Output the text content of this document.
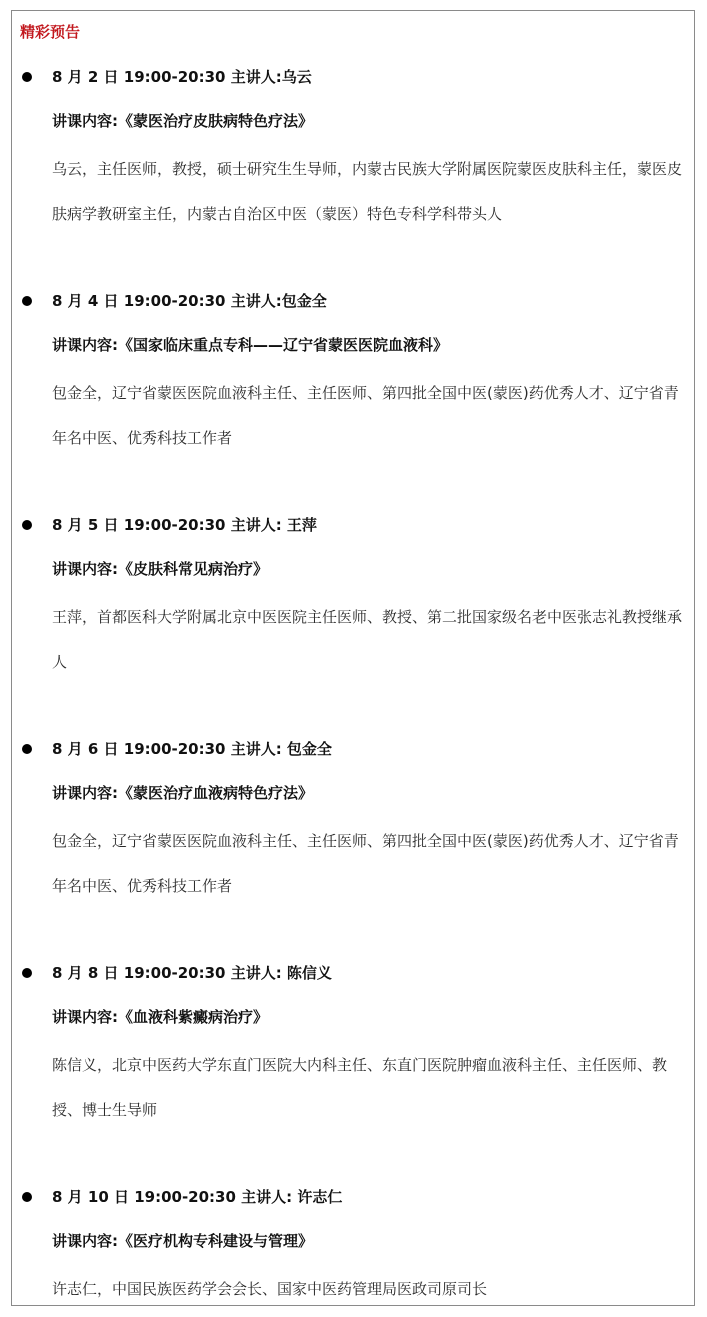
精彩预告
8 月 2 日 19:00-20:30 主讲人:乌云
讲课内容:《蒙医治疗皮肤病特色疗法》
乌云，主任医师，教授，硕士研究生生导师，内蒙古民族大学附属医院蒙医皮肤科主任，蒙医皮肤病学教研室主任，内蒙古自治区中医（蒙医）特色专科学科带头人
8 月 4 日 19:00-20:30 主讲人:包金全
讲课内容:《国家临床重点专科——辽宁省蒙医医院血液科》
包金全，辽宁省蒙医医院血液科主任、主任医师、第四批全国中医(蒙医)药优秀人才、辽宁省青年名中医、优秀科技工作者
8 月 5 日 19:00-20:30 主讲人: 王萍
讲课内容:《皮肤科常见病治疗》
王萍，首都医科大学附属北京中医医院主任医师、教授、第二批国家级名老中医张志礼教授继承人
8 月 6 日 19:00-20:30 主讲人: 包金全
讲课内容:《蒙医治疗血液病特色疗法》
包金全，辽宁省蒙医医院血液科主任、主任医师、第四批全国中医(蒙医)药优秀人才、辽宁省青年名中医、优秀科技工作者
8 月 8 日 19:00-20:30 主讲人: 陈信义
讲课内容:《血液科紫癜病治疗》
陈信义，北京中医药大学东直门医院大内科主任、东直门医院肿瘤血液科主任、主任医师、教授、博士生导师
8 月 10 日 19:00-20:30 主讲人: 许志仁
讲课内容:《医疗机构专科建设与管理》
许志仁，中国民族医药学会会长、国家中医药管理局医政司原司长
